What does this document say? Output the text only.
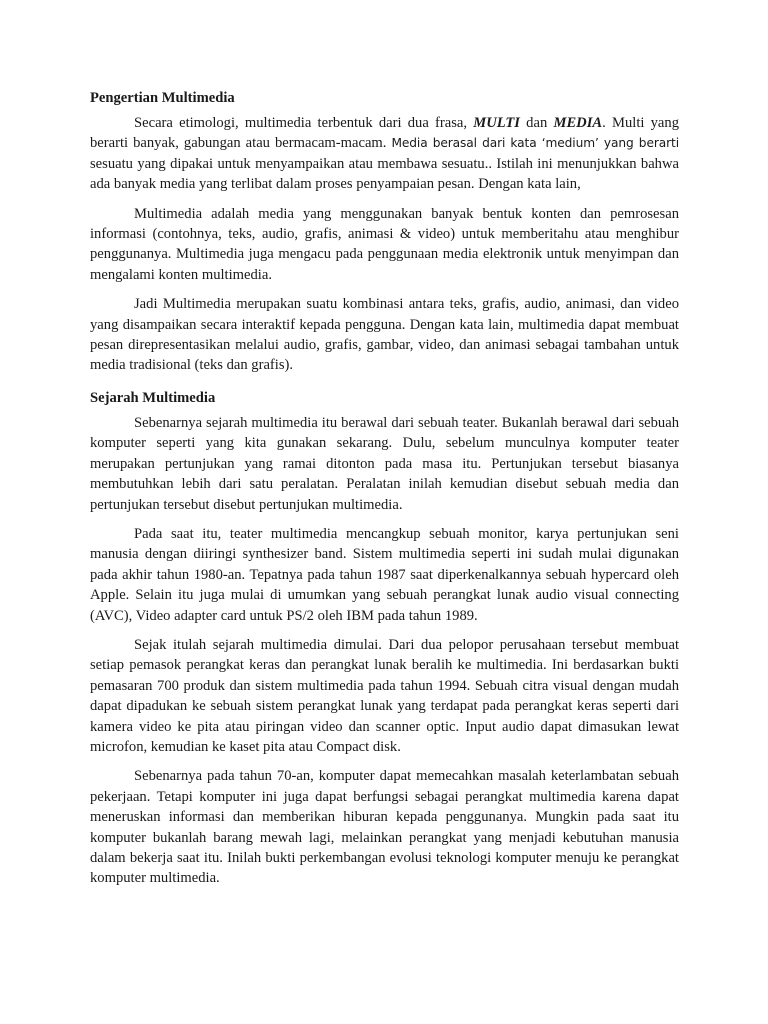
Pengertian Multimedia

Secara etimologi, multimedia terbentuk dari dua frasa, MULTI dan MEDIA. Multi yang berarti banyak, gabungan atau bermacam-macam. Media berasal dari kata ‘medium’ yang berarti sesuatu yang dipakai untuk menyampaikan atau membawa sesuatu.. Istilah ini menunjukkan bahwa ada banyak media yang terlibat dalam proses penyampaian pesan. Dengan kata lain,

Multimedia adalah media yang menggunakan banyak bentuk konten dan pemrosesan informasi (contohnya, teks, audio, grafis, animasi & video) untuk memberitahu atau menghibur penggunanya. Multimedia juga mengacu pada penggunaan media elektronik untuk menyimpan dan mengalami konten multimedia.

Jadi Multimedia merupakan suatu kombinasi antara teks, grafis, audio, animasi, dan video yang disampaikan secara interaktif kepada pengguna. Dengan kata lain, multimedia dapat membuat pesan direpresentasikan melalui audio, grafis, gambar, video, dan animasi sebagai tambahan untuk media tradisional (teks dan grafis).

Sejarah Multimedia

Sebenarnya sejarah multimedia itu berawal dari sebuah teater. Bukanlah berawal dari sebuah komputer seperti yang kita gunakan sekarang. Dulu, sebelum munculnya komputer teater merupakan pertunjukan yang ramai ditonton pada masa itu. Pertunjukan tersebut biasanya membutuhkan lebih dari satu peralatan. Peralatan inilah kemudian disebut sebuah media dan pertunjukan tersebut disebut pertunjukan multimedia.

Pada saat itu, teater multimedia mencangkup sebuah monitor, karya pertunjukan seni manusia dengan diiringi synthesizer band. Sistem multimedia seperti ini sudah mulai digunakan pada akhir tahun 1980-an. Tepatnya pada tahun 1987 saat diperkenalkannya sebuah hypercard oleh Apple. Selain itu juga mulai di umumkan yang sebuah perangkat lunak audio visual connecting (AVC), Video adapter card untuk PS/2 oleh IBM pada tahun 1989.

Sejak itulah sejarah multimedia dimulai. Dari dua pelopor perusahaan tersebut membuat setiap pemasok perangkat keras dan perangkat lunak beralih ke multimedia. Ini berdasarkan bukti pemasaran 700 produk dan sistem multimedia pada tahun 1994. Sebuah citra visual dengan mudah dapat dipadukan ke sebuah sistem perangkat lunak yang terdapat pada perangkat keras seperti dari kamera video ke pita atau piringan video dan scanner optic. Input audio dapat dimasukan lewat microfon, kemudian ke kaset pita atau Compact disk.

Sebenarnya pada tahun 70-an, komputer dapat memecahkan masalah keterlambatan sebuah pekerjaan. Tetapi komputer ini juga dapat berfungsi sebagai perangkat multimedia karena dapat meneruskan informasi dan memberikan hiburan kepada penggunanya. Mungkin pada saat itu komputer bukanlah barang mewah lagi, melainkan perangkat yang menjadi kebutuhan manusia dalam bekerja saat itu. Inilah bukti perkembangan evolusi teknologi komputer menuju ke perangkat komputer multimedia.
